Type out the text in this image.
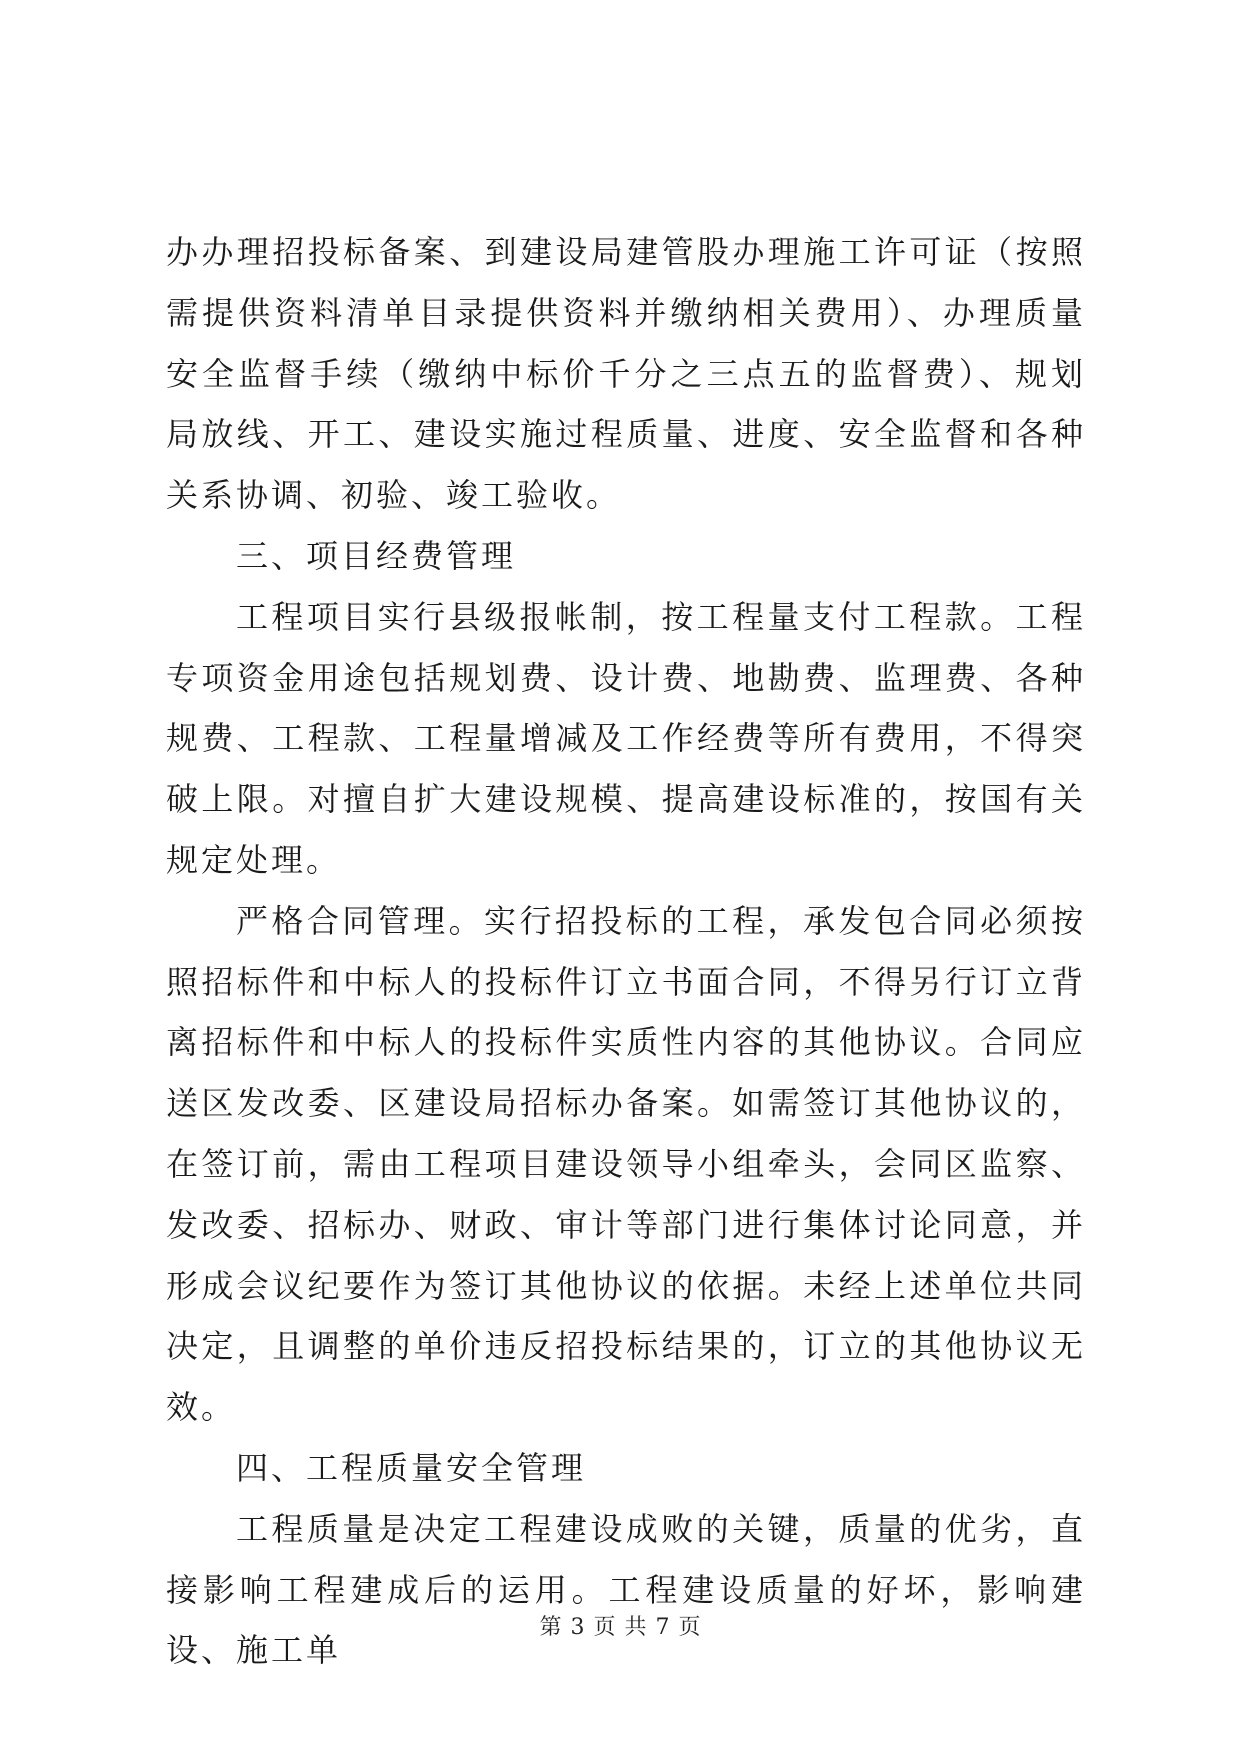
办办理招投标备案、到建设局建管股办理施工许可证（按照需提供资料清单目录提供资料并缴纳相关费用）、办理质量安全监督手续（缴纳中标价千分之三点五的监督费）、规划局放线、开工、建设实施过程质量、进度、安全监督和各种关系协调、初验、竣工验收。

三、项目经费管理

工程项目实行县级报帐制，按工程量支付工程款。工程专项资金用途包括规划费、设计费、地勘费、监理费、各种规费、工程款、工程量增减及工作经费等所有费用，不得突破上限。对擅自扩大建设规模、提高建设标准的，按国有关规定处理。

严格合同管理。实行招投标的工程，承发包合同必须按照招标件和中标人的投标件订立书面合同，不得另行订立背离招标件和中标人的投标件实质性内容的其他协议。合同应送区发改委、区建设局招标办备案。如需签订其他协议的，在签订前，需由工程项目建设领导小组牵头，会同区监察、发改委、招标办、财政、审计等部门进行集体讨论同意，并形成会议纪要作为签订其他协议的依据。未经上述单位共同决定，且调整的单价违反招投标结果的，订立的其他协议无效。

四、工程质量安全管理

工程质量是决定工程建设成败的关键，质量的优劣，直接影响工程建成后的运用。工程建设质量的好坏，影响建设、施工单

第 3 页 共 7 页
